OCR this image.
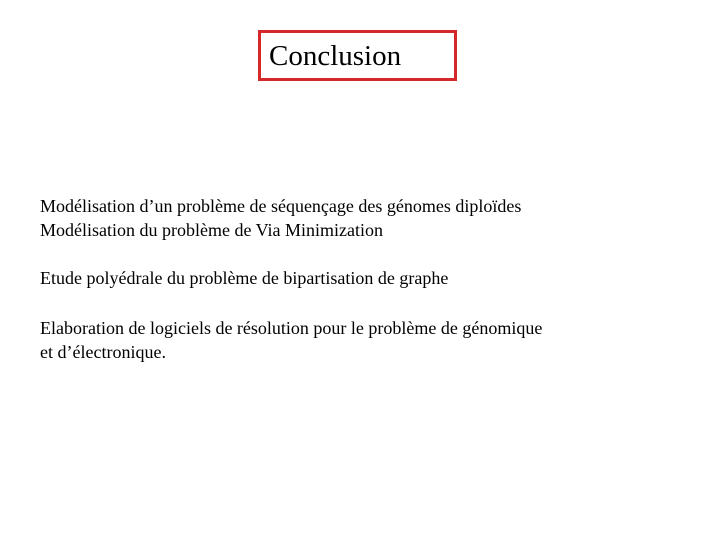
Conclusion
Modélisation d’un problème de séquençage des génomes diploïdes
Modélisation du problème de Via Minimization
Etude polyédrale du problème de bipartisation de graphe
Elaboration de logiciels de résolution pour le problème de génomique
et d’électronique.
